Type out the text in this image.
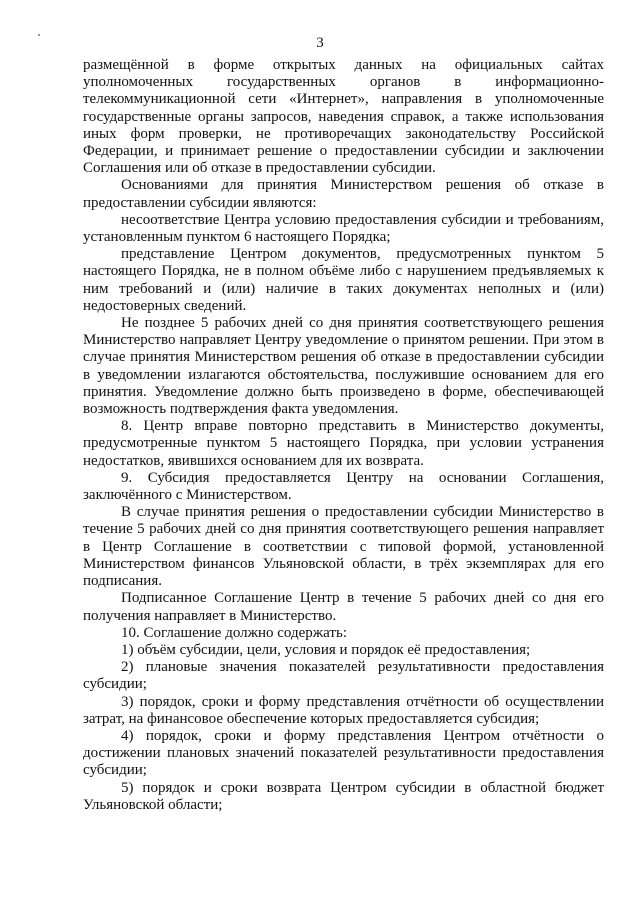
3

размещённой в форме открытых данных на официальных сайтах уполномоченных государственных органов в информационно-телекоммуникационной сети «Интернет», направления в уполномоченные государственные органы запросов, наведения справок, а также использования иных форм проверки, не противоречащих законодательству Российской Федерации, и принимает решение о предоставлении субсидии и заключении Соглашения или об отказе в предоставлении субсидии.

Основаниями для принятия Министерством решения об отказе в предоставлении субсидии являются:

несоответствие Центра условию предоставления субсидии и требованиям, установленным пунктом 6 настоящего Порядка;

представление Центром документов, предусмотренных пунктом 5 настоящего Порядка, не в полном объёме либо с нарушением предъявляемых к ним требований и (или) наличие в таких документах неполных и (или) недостоверных сведений.

Не позднее 5 рабочих дней со дня принятия соответствующего решения Министерство направляет Центру уведомление о принятом решении. При этом в случае принятия Министерством решения об отказе в предоставлении субсидии в уведомлении излагаются обстоятельства, послужившие основанием для его принятия. Уведомление должно быть произведено в форме, обеспечивающей возможность подтверждения факта уведомления.

8. Центр вправе повторно представить в Министерство документы, предусмотренные пунктом 5 настоящего Порядка, при условии устранения недостатков, явившихся основанием для их возврата.

9. Субсидия предоставляется Центру на основании Соглашения, заключённого с Министерством.

В случае принятия решения о предоставлении субсидии Министерство в течение 5 рабочих дней со дня принятия соответствующего решения направляет в Центр Соглашение в соответствии с типовой формой, установленной Министерством финансов Ульяновской области, в трёх экземплярах для его подписания.

Подписанное Соглашение Центр в течение 5 рабочих дней со дня его получения направляет в Министерство.

10. Соглашение должно содержать:

1) объём субсидии, цели, условия и порядок её предоставления;

2) плановые значения показателей результативности предоставления субсидии;

3) порядок, сроки и форму представления отчётности об осуществлении затрат, на финансовое обеспечение которых предоставляется субсидия;

4) порядок, сроки и форму представления Центром отчётности о достижении плановых значений показателей результативности предоставления субсидии;

5) порядок и сроки возврата Центром субсидии в областной бюджет Ульяновской области;
